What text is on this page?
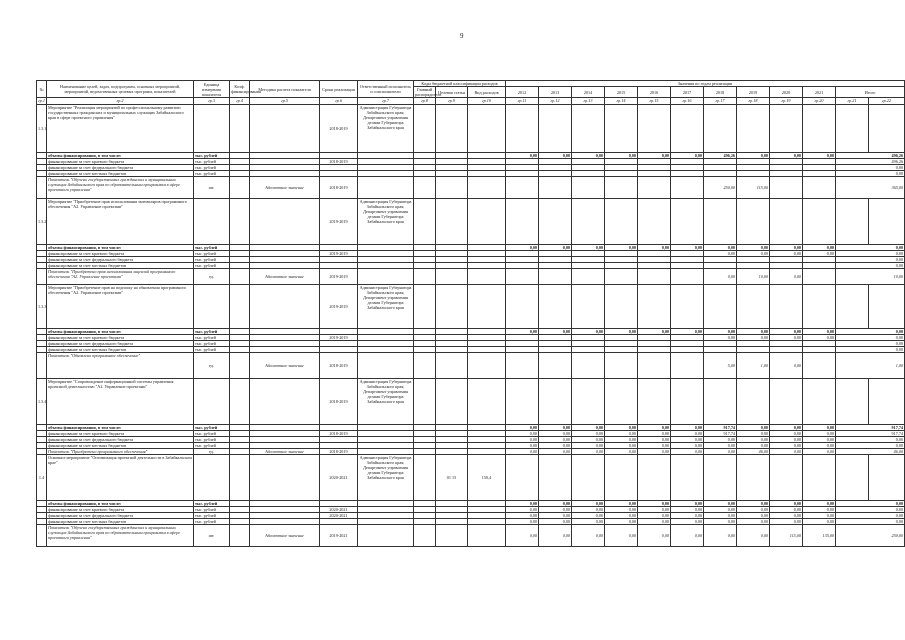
9
№	Наименование целей, задач, подпрограмм, основных мероприятий, мероприятий, ведомственных целевых программ, показателей	Единица измерения показателя	Коэф. финансирования	Методика расчета показателя	Сроки реализации	Ответственный исполнитель и соисполнители	Коды бюджетной классификации расходов			Значения по годам реализации											
							Главный распорядитель	Целевая статья	Вид расходов	2012	2013	2014	2015	2016	2017	2018	2019	2020	2021	Итого	
гр.1	гр.2	гр.3	гр.4	гр.5	гр.6	гр.7	гр.8	гр.9	гр.10	гр.11	гр.12	гр.13	гр.14	гр.15	гр.16	гр.17	гр.18	гр.19	гр.20	гр.21	гр.22
1.3.1	Мероприятие "Реализация мероприятий по профессиональному развитию государственных гражданских и муниципальных служащих Забайкальского края в сфере проектного управления"				2018-2019	Администрация Губернатора Забайкальского края; Департамент управления делами Губернатора Забайкальского края															
	объемы финансирования, в том числе:	тыс. рублей								0,00	0,00	0,00	0,00	0,00	0,00	496,26	0,00	0,00	0,00	496,26	
	финансирование за счет краевого бюджета	тыс. рублей			2018-2019															496,26	
	финансирование за счет федерального бюджета	тыс. рублей																		0,00	
	финансирование за счет местных бюджетов	тыс. рублей																		0,00	
	Показатель "Обучено государственных гражданских и муниципальных служащих Забайкальского края по образовательным программам в сфере проектного управления"	шт.		Абсолютное значение	2018-2019											250,00	115,00			365,00	
1.3.2	Мероприятие "Приобретение прав использования экземпляров программного обеспечения "А2. Управление проектами"				2019-2019	Администрация Губернатора Забайкальского края; Департамент управления делами Губернатора Забайкальского края															
	объемы финансирования, в том числе:	тыс. рублей								0,00	0,00	0,00	0,00	0,00	0,00	0,00	0,00	0,00	0,00	0,00	
	финансирование за счет краевого бюджета	тыс. рублей			2019-2019											0,00	0,00	0,00	0,00	0,00	
	финансирование за счет федерального бюджета	тыс. рублей																		0,00	
	финансирование за счет местных бюджетов	тыс. рублей																		0,00	
	Показатель "Приобретено прав использования лицензий программного обеспечения "А2. Управление проектами"	ед.		Абсолютное значение	2019-2019											0,00	10,00	0,00		10,00	
1.3.3	Мероприятие "Приобретение прав на подписку на обновления программного обеспечения "А2. Управление проектами"				2019-2019	Администрация Губернатора Забайкальского края; Департамент управления делами Губернатора Забайкальского края															
	объемы финансирования, в том числе:	тыс. рублей								0,00	0,00	0,00	0,00	0,00	0,00	0,00	0,00	0,00	0,00	0,00	
	финансирование за счет краевого бюджета	тыс. рублей			2019-2019											0,00	0,00	0,00	0,00	0,00	
	финансирование за счет федерального бюджета	тыс. рублей																		0,00	
	финансирование за счет местных бюджетов	тыс. рублей																		0,00	
	Показатель "Обновлено программное обеспечение"	ед.		Абсолютное значение	2018-2019											5,00	1,00	0,00		1,00	
1.3.4	Мероприятие "Сопровождение информационной системы управления проектной деятельностью "А2. Управление проектами"				2018-2019	Администрация Губернатора Забайкальского края; Департамент управления делами Губернатора Забайкальского края															
	объемы финансирования, в том числе:	тыс. рублей								0,00	0,00	0,00	0,00	0,00	0,00	917,74	0,00	0,00	0,00	917,74	
	финансирование за счет краевого бюджета	тыс. рублей			2018-2019					0,00	0,00	0,00	0,00	0,00	0,00	917,74	0,00	0,00	0,00	917,74	
	финансирование за счет федерального бюджета	тыс. рублей								0,00	0,00	0,00	0,00	0,00	0,00	0,00	0,00	0,00	0,00	0,00	
	финансирование за счет местных бюджетов	тыс. рублей								0,00	0,00	0,00	0,00	0,00	0,00	0,00	0,00	0,00	0,00	0,00	
	Показатель "Приобретено программного обеспечения"	ед.		Абсолютное значение	2018-2019					0,00	0,00	0,00	0,00	0,00	0,00	0,00	46,00	0,00	0,00	46,00	
1.4	Основное мероприятие "Оптимизация проектной деятельности в Забайкальском крае"				2020-2021	Администрация Губернатора Забайкальского края; Департамент управления делами Губернатора Забайкальского края		01 15	150,4												
	объемы финансирования, в том числе:	тыс. рублей								0,00	0,00	0,00	0,00	0,00	0,00	0,00	0,00	0,00	0,00	0,00	
	финансирование за счет краевого бюджета	тыс. рублей			2020-2021					0,00	0,00	0,00	0,00	0,00	0,00	0,00	0,00	0,00	0,00	0,00	
	финансирование за счет федерального бюджета	тыс. рублей			2020-2021					0,00	0,00	0,00	0,00	0,00	0,00	0,00	0,00	0,00	0,00	0,00	
	финансирование за счет местных бюджетов	тыс. рублей								0,00	0,00	0,00	0,00	0,00	0,00	0,00	0,00	0,00	0,00	0,00	
	Показатель "Обучено государственных гражданских и муниципальных служащих Забайкальского края по образовательным программам в сфере проектного управления"	шт.		Абсолютное значение	2019-2021					0,00	0,00	0,00	0,00	0,00	0,00	0,00	0,00	115,00	135,00	250,00	
